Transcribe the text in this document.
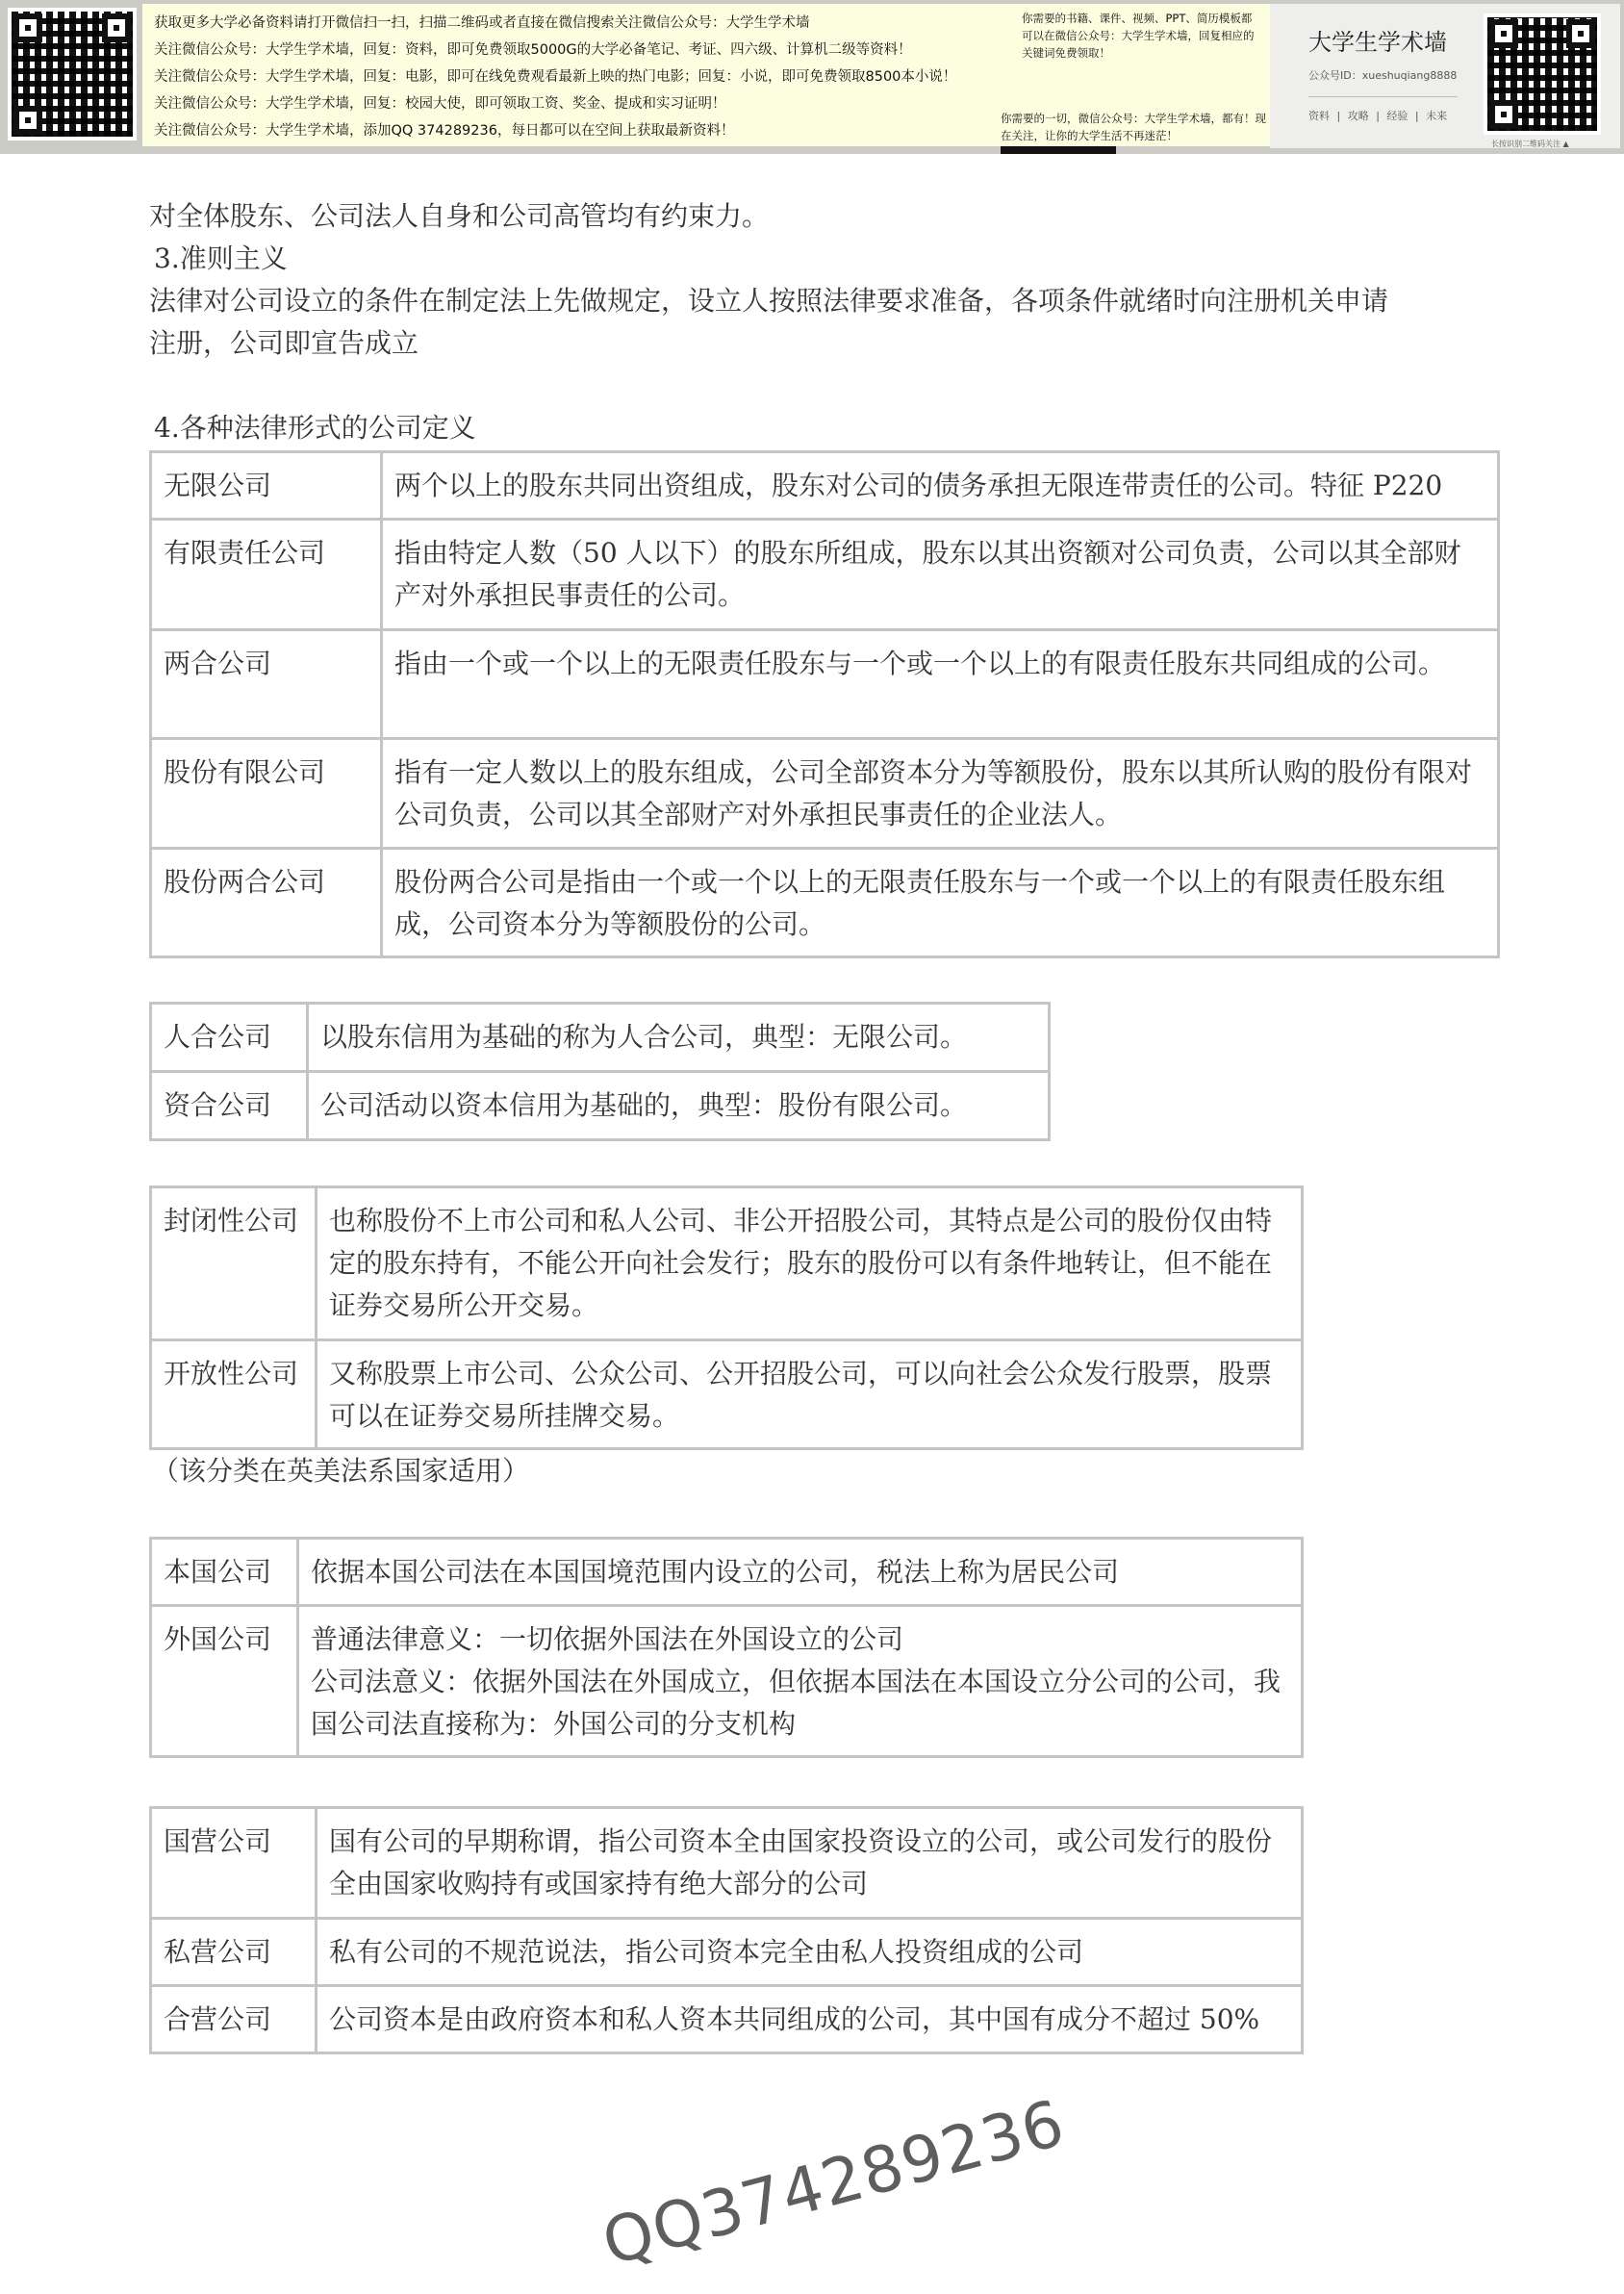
获取更多大学必备资料请打开微信扫一扫，扫描二维码或者直接在微信搜索关注微信公众号：大学生学术墙
关注微信公众号：大学生学术墙，回复：资料，即可免费领取5000G的大学必备笔记、考证、四六级、计算机二级等资料！
关注微信公众号：大学生学术墙，回复：电影，即可在线免费观看最新上映的热门电影；回复：小说，即可免费领取8500本小说！
关注微信公众号：大学生学术墙，回复：校园大使，即可领取工资、奖金、提成和实习证明！
关注微信公众号：大学生学术墙，添加QQ 374289236，每日都可以在空间上获取最新资料！
你需要的书籍、课件、视频、PPT、简历模板都可以在微信公众号：大学生学术墙，回复相应的关键词免费领取！
你需要的一切，微信公众号：大学生学术墙，都有！现在关注，让你的大学生活不再迷茫！
大学生学术墙
公众号ID：xueshuqiang8888
资料 | 攻略 | 经验 | 未来
长按识别二维码关注 ▲
对全体股东、公司法人自身和公司高管均有约束力。
3.准则主义
法律对公司设立的条件在制定法上先做规定，设立人按照法律要求准备，各项条件就绪时向注册机关申请
注册，公司即宣告成立
4.各种法律形式的公司定义
无限公司	两个以上的股东共同出资组成，股东对公司的债务承担无限连带责任的公司。特征 P220
有限责任公司	指由特定人数（50 人以下）的股东所组成，股东以其出资额对公司负责，公司以其全部财产对外承担民事责任的公司。
两合公司	指由一个或一个以上的无限责任股东与一个或一个以上的有限责任股东共同组成的公司。
股份有限公司	指有一定人数以上的股东组成，公司全部资本分为等额股份，股东以其所认购的股份有限对公司负责，公司以其全部财产对外承担民事责任的企业法人。
股份两合公司	股份两合公司是指由一个或一个以上的无限责任股东与一个或一个以上的有限责任股东组成，公司资本分为等额股份的公司。
人合公司	以股东信用为基础的称为人合公司，典型：无限公司。
资合公司	公司活动以资本信用为基础的，典型：股份有限公司。
封闭性公司	也称股份不上市公司和私人公司、非公开招股公司，其特点是公司的股份仅由特定的股东持有，不能公开向社会发行；股东的股份可以有条件地转让，但不能在证券交易所公开交易。
开放性公司	又称股票上市公司、公众公司、公开招股公司，可以向社会公众发行股票，股票可以在证券交易所挂牌交易。
（该分类在英美法系国家适用）
本国公司	依据本国公司法在本国国境范围内设立的公司，税法上称为居民公司
外国公司	普通法律意义：一切依据外国法在外国设立的公司
公司法意义：依据外国法在外国成立，但依据本国法在本国设立分公司的公司，我国公司法直接称为：外国公司的分支机构
国营公司	国有公司的早期称谓，指公司资本全由国家投资设立的公司，或公司发行的股份全由国家收购持有或国家持有绝大部分的公司
私营公司	私有公司的不规范说法，指公司资本完全由私人投资组成的公司
合营公司	公司资本是由政府资本和私人资本共同组成的公司，其中国有成分不超过 50%
QQ374289236
